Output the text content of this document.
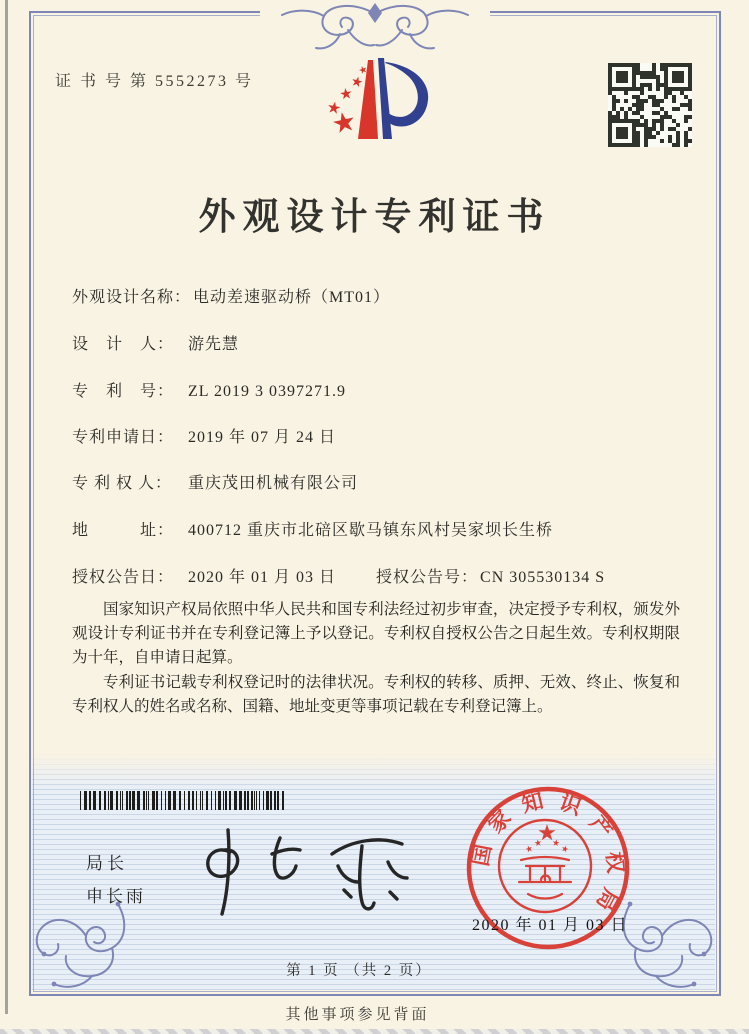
证 书 号 第 5552273 号
外观设计专利证书
外观设计名称： 电动差速驱动桥（MT01）
设　计　人： 游先慧
专　利　号： ZL 2019 3 0397271.9
专利申请日： 2019 年 07 月 24 日
专 利 权 人： 重庆茂田机械有限公司
地　　　址： 400712 重庆市北碚区歇马镇东风村吴家坝长生桥
授权公告日： 2020 年 01 月 03 日 授权公告号： CN 305530134 S

国家知识产权局依照中华人民共和国专利法经过初步审查，决定授予专利权，颁发外观设计专利证书并在专利登记簿上予以登记。专利权自授权公告之日起生效。专利权期限为十年，自申请日起算。

专利证书记载专利权登记时的法律状况。专利权的转移、质押、无效、终止、恢复和专利权人的姓名或名称、国籍、地址变更等事项记载在专利登记簿上。

局长
申长雨
国
家
知 识
产
权
局
2020 年 01 月 03 日
第 1 页 （共 2 页）
其他事项参见背面
